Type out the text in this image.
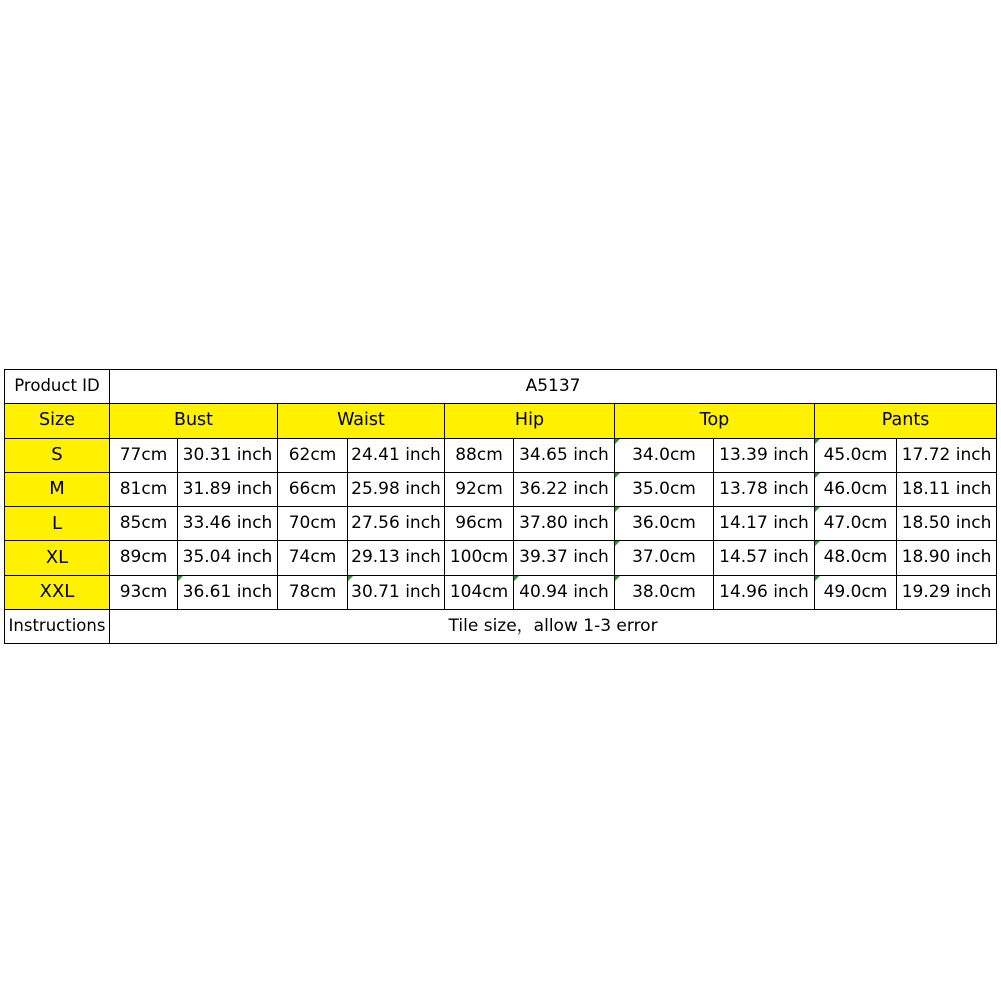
Product ID	A5137									
Size	Bust		Waist		Hip		Top		Pants	
S	77cm	30.31 inch	62cm	24.41 inch	88cm	34.65 inch	34.0cm	13.39 inch	45.0cm	17.72 inch
M	81cm	31.89 inch	66cm	25.98 inch	92cm	36.22 inch	35.0cm	13.78 inch	46.0cm	18.11 inch
L	85cm	33.46 inch	70cm	27.56 inch	96cm	37.80 inch	36.0cm	14.17 inch	47.0cm	18.50 inch
XL	89cm	35.04 inch	74cm	29.13 inch	100cm	39.37 inch	37.0cm	14.57 inch	48.0cm	18.90 inch
XXL	93cm	36.61 inch	78cm	30.71 inch	104cm	40.94 inch	38.0cm	14.96 inch	49.0cm	19.29 inch
Instructions	Tile size，allow 1-3 error									
